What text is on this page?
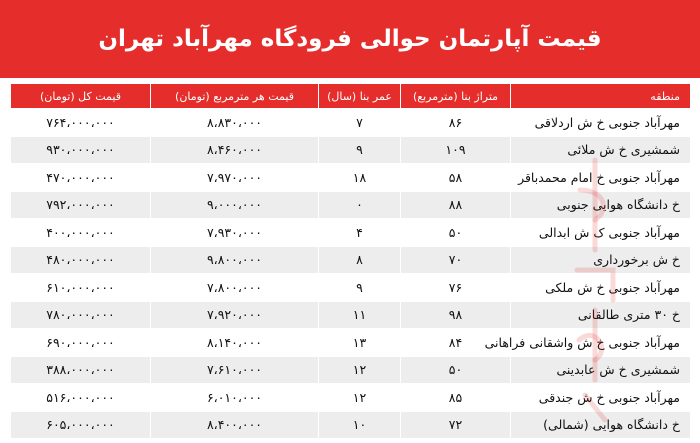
قیمت آپارتمان حوالی فرودگاه مهرآباد تهران
منطقه	متراژ بنا (مترمربع)	عمر بنا (سال)	قیمت هر مترمربع (تومان)	قیمت کل (تومان)
مهرآباد جنوبی خ ش اردلاقی	۸۶	۷	۸،۸۳۰،۰۰۰	۷۶۴،۰۰۰،۰۰۰
شمشیری خ ش ملائی	۱۰۹	۹	۸،۴۶۰،۰۰۰	۹۳۰،۰۰۰،۰۰۰
مهرآباد جنوبی خ امام محمدباقر	۵۸	۱۸	۷،۹۷۰،۰۰۰	۴۷۰،۰۰۰،۰۰۰
خ دانشگاه هوایی جنوبی	۸۸	۰	۹،۰۰۰،۰۰۰	۷۹۲،۰۰۰،۰۰۰
مهرآباد جنوبی ک ش ابدالی	۵۰	۴	۷،۹۳۰،۰۰۰	۴۰۰،۰۰۰،۰۰۰
خ ش برخورداری	۷۰	۸	۹،۸۰۰،۰۰۰	۴۸۰،۰۰۰،۰۰۰
مهرآباد جنوبی خ ش ملکی	۷۶	۹	۷،۸۰۰،۰۰۰	۶۱۰،۰۰۰،۰۰۰
خ ۳۰ متری طالقانی	۹۸	۱۱	۷،۹۲۰،۰۰۰	۷۸۰،۰۰۰،۰۰۰
مهرآباد جنوبی خ ش واشقانی فراهانی	۸۴	۱۳	۸،۱۴۰،۰۰۰	۶۹۰،۰۰۰،۰۰۰
شمشیری خ ش عابدینی	۵۰	۱۲	۷،۶۱۰،۰۰۰	۳۸۸،۰۰۰،۰۰۰
مهرآباد جنوبی خ ش جندقی	۸۵	۱۲	۶،۰۱۰،۰۰۰	۵۱۶،۰۰۰،۰۰۰
خ دانشگاه هوایی (شمالی)	۷۲	۱۰	۸،۴۰۰،۰۰۰	۶۰۵،۰۰۰،۰۰۰
